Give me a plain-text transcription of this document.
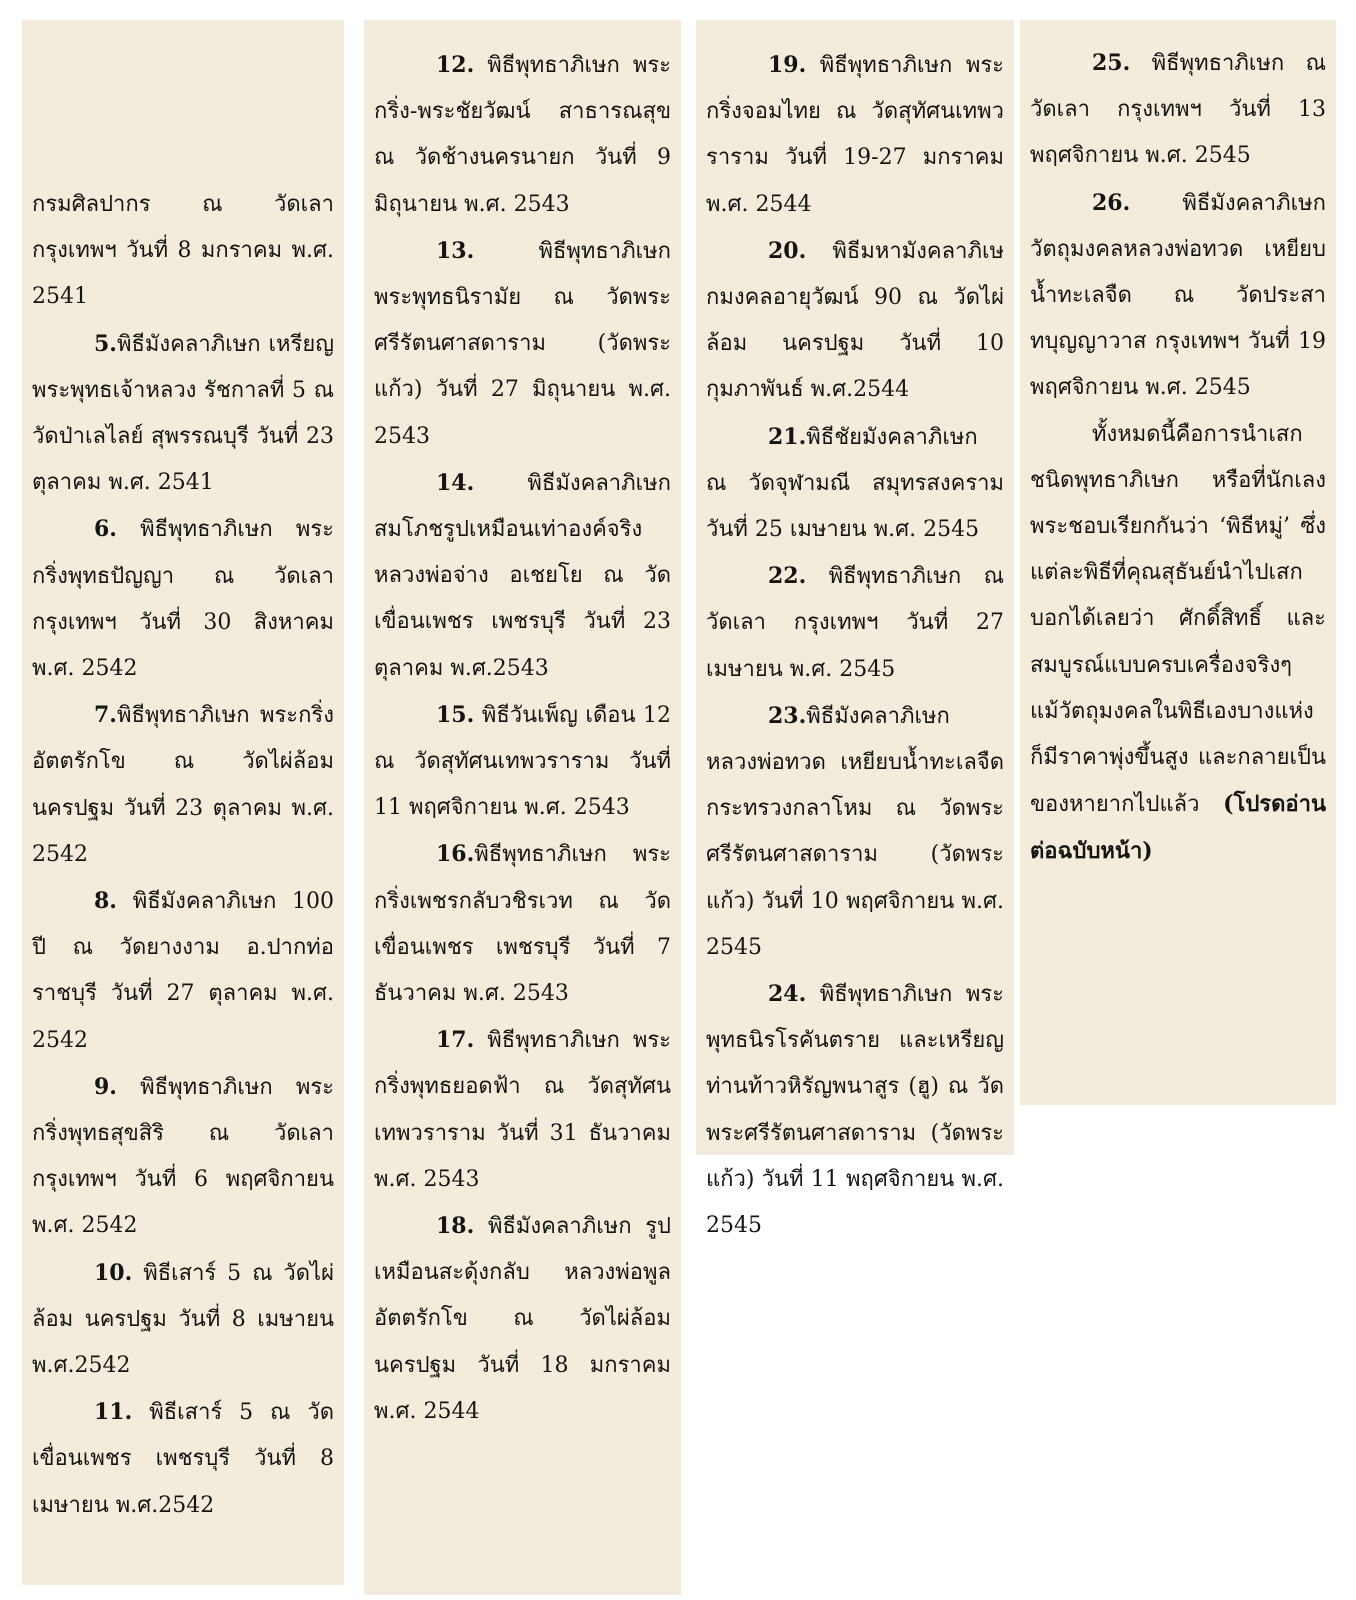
กรมศิลปากร ณ วัดเลา กรุงเทพฯ วันที่ 8 มกราคม พ.ศ. 2541

5.พิธีมังคลาภิเษก เหรียญพระพุทธเจ้าหลวง รัชกาลที่ 5 ณ วัดป่าเลไลย์ สุพรรณบุรี วันที่ 23 ตุลาคม พ.ศ. 2541

6. พิธีพุทธาภิเษก พระกริ่งพุทธปัญญา ณ วัดเลา กรุงเทพฯ วันที่ 30 สิงหาคม พ.ศ. 2542

7.พิธีพุทธาภิเษก พระกริ่งอัตตรักโข ณ วัดไผ่ล้อม นครปฐม วันที่ 23 ตุลาคม พ.ศ. 2542

8. พิธีมังคลาภิเษก 100 ปี ณ วัดยางงาม อ.ปากท่อ ราชบุรี วันที่ 27 ตุลาคม พ.ศ. 2542

9. พิธีพุทธาภิเษก พระกริ่งพุทธสุขสิริ ณ วัดเลา กรุงเทพฯ วันที่ 6 พฤศจิกายน พ.ศ. 2542

10. พิธีเสาร์ 5 ณ วัดไผ่ล้อม นครปฐม วันที่ 8 เมษายน พ.ศ.2542

11. พิธีเสาร์ 5 ณ วัดเขื่อนเพชร เพชรบุรี วันที่ 8 เมษายน พ.ศ.2542

12. พิธีพุทธาภิเษก พระกริ่ง-พระชัยวัฒน์ สาธารณสุข ณ วัดช้างนครนายก วันที่ 9 มิถุนายน พ.ศ. 2543

13.	พิธีพุทธาภิเษก พระพุทธนิรามัย ณ วัดพระศรีรัตนศาสดาราม (วัดพระแก้ว) วันที่ 27 มิถุนายน พ.ศ. 2543

14. พิธีมังคลาภิเษก สมโภชรูปเหมือนเท่าองค์จริง หลวงพ่อจ่าง อเชยโย ณ วัดเขื่อนเพชร เพชรบุรี วันที่ 23 ตุลาคม พ.ศ.2543

15. พิธีวันเพ็ญ เดือน 12 ณ วัดสุทัศนเทพวราราม วันที่ 11 พฤศจิกายน พ.ศ. 2543

16.พิธีพุทธาภิเษก พระกริ่งเพชรกลับวชิรเวท ณ วัดเขื่อนเพชร เพชรบุรี วันที่ 7 ธันวาคม พ.ศ. 2543

17. พิธีพุทธาภิเษก พระกริ่งพุทธยอดฟ้า ณ วัดสุทัศนเทพวราราม วันที่ 31 ธันวาคม พ.ศ. 2543

18. พิธีมังคลาภิเษก รูปเหมือนสะดุ้งกลับ หลวงพ่อพูล อัตตรักโข ณ วัดไผ่ล้อม นครปฐม วันที่ 18 มกราคม พ.ศ. 2544

19. พิธีพุทธาภิเษก พระกริ่งจอมไทย ณ วัดสุทัศนเทพวราราม วันที่ 19-27 มกราคม พ.ศ. 2544

20. พิธีมหามังคลาภิเษกมงคลอายุวัฒน์ 90 ณ วัดไผ่ล้อม นครปฐม วันที่ 10 กุมภาพันธ์ พ.ศ.2544

21.พิธีชัยมังคลาภิเษก ณ วัดจุฬามณี สมุทรสงคราม วันที่ 25 เมษายน พ.ศ. 2545

22. พิธีพุทธาภิเษก ณ วัดเลา กรุงเทพฯ วันที่ 27 เมษายน พ.ศ. 2545

23.พิธีมังคลาภิเษก หลวงพ่อทวด เหยียบน้ำทะเลจืด กระทรวงกลาโหม ณ วัดพระศรีรัตนศาสดาราม (วัดพระแก้ว) วันที่ 10 พฤศจิกายน พ.ศ. 2545

24. พิธีพุทธาภิเษก พระพุทธนิรโรคันตราย และเหรียญท่านท้าวหิรัญพนาสูร (ฮู) ณ วัดพระศรีรัตนศาสดาราม (วัดพระแก้ว) วันที่ 11 พฤศจิกายน พ.ศ. 2545

25. พิธีพุทธาภิเษก ณ วัดเลา กรุงเทพฯ วันที่ 13 พฤศจิกายน พ.ศ. 2545

26. พิธีมังคลาภิเษก วัตถุมงคลหลวงพ่อทวด เหยียบน้ำทะเลจืด ณ วัดประสาทบุญญาวาส กรุงเทพฯ วันที่ 19 พฤศจิกายน พ.ศ. 2545

ทั้งหมดนี้คือการนำเสกชนิดพุทธาภิเษก หรือที่นักเลงพระชอบเรียกกันว่า ‘พิธีหมู่’ ซึ่งแต่ละพิธีที่คุณสุธันย์นำไปเสก บอกได้เลยว่า ศักดิ์สิทธิ์ และสมบูรณ์แบบครบเครื่องจริงๆ แม้วัตถุมงคลในพิธีเองบางแห่งก็มีราคาพุ่งขึ้นสูง และกลายเป็นของหายากไปแล้ว (โปรดอ่านต่อฉบับหน้า)
